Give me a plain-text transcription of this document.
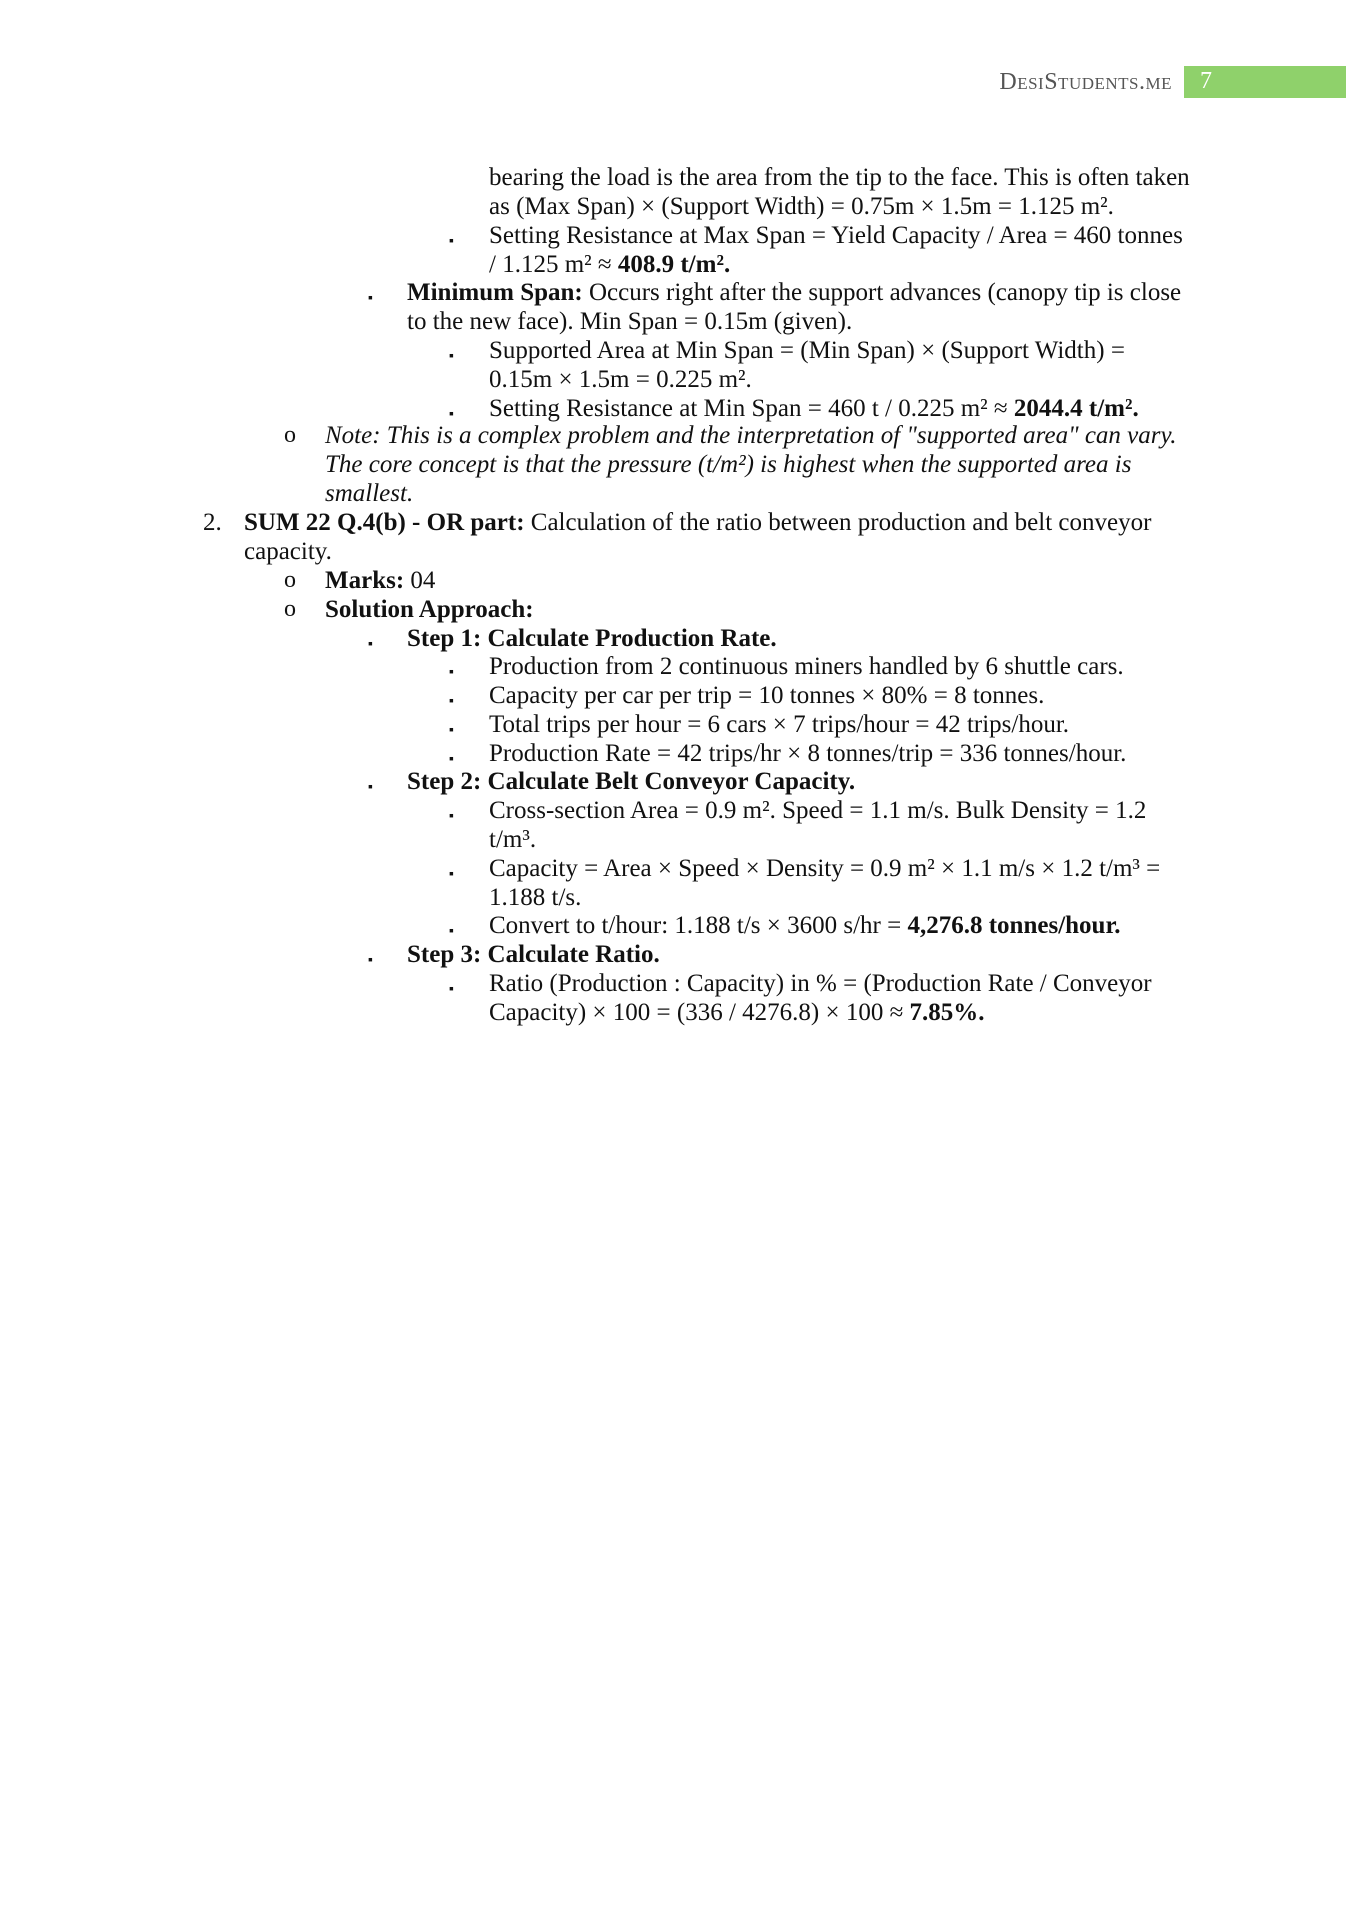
DesiStudents.me	7
bearing the load is the area from the tip to the face. This is often taken as (Max Span) × (Support Width) = 0.75m × 1.5m = 1.125 m².
▪ Setting Resistance at Max Span = Yield Capacity / Area = 460 tonnes / 1.125 m² ≈ 408.9 t/m².
▪ Minimum Span: Occurs right after the support advances (canopy tip is close to the new face). Min Span = 0.15m (given).
▪ Supported Area at Min Span = (Min Span) × (Support Width) = 0.15m × 1.5m = 0.225 m².
▪ Setting Resistance at Min Span = 460 t / 0.225 m² ≈ 2044.4 t/m².
o Note: This is a complex problem and the interpretation of "supported area" can vary. The core concept is that the pressure (t/m²) is highest when the supported area is smallest.
2. SUM 22 Q.4(b) - OR part: Calculation of the ratio between production and belt conveyor capacity.
o Marks: 04
o Solution Approach:
▪ Step 1: Calculate Production Rate.
▪ Production from 2 continuous miners handled by 6 shuttle cars.
▪ Capacity per car per trip = 10 tonnes × 80% = 8 tonnes.
▪ Total trips per hour = 6 cars × 7 trips/hour = 42 trips/hour.
▪ Production Rate = 42 trips/hr × 8 tonnes/trip = 336 tonnes/hour.
▪ Step 2: Calculate Belt Conveyor Capacity.
▪ Cross-section Area = 0.9 m². Speed = 1.1 m/s. Bulk Density = 1.2 t/m³.
▪ Capacity = Area × Speed × Density = 0.9 m² × 1.1 m/s × 1.2 t/m³ = 1.188 t/s.
▪ Convert to t/hour: 1.188 t/s × 3600 s/hr = 4,276.8 tonnes/hour.
▪ Step 3: Calculate Ratio.
▪ Ratio (Production : Capacity) in % = (Production Rate / Conveyor Capacity) × 100 = (336 / 4276.8) × 100 ≈ 7.85%.
